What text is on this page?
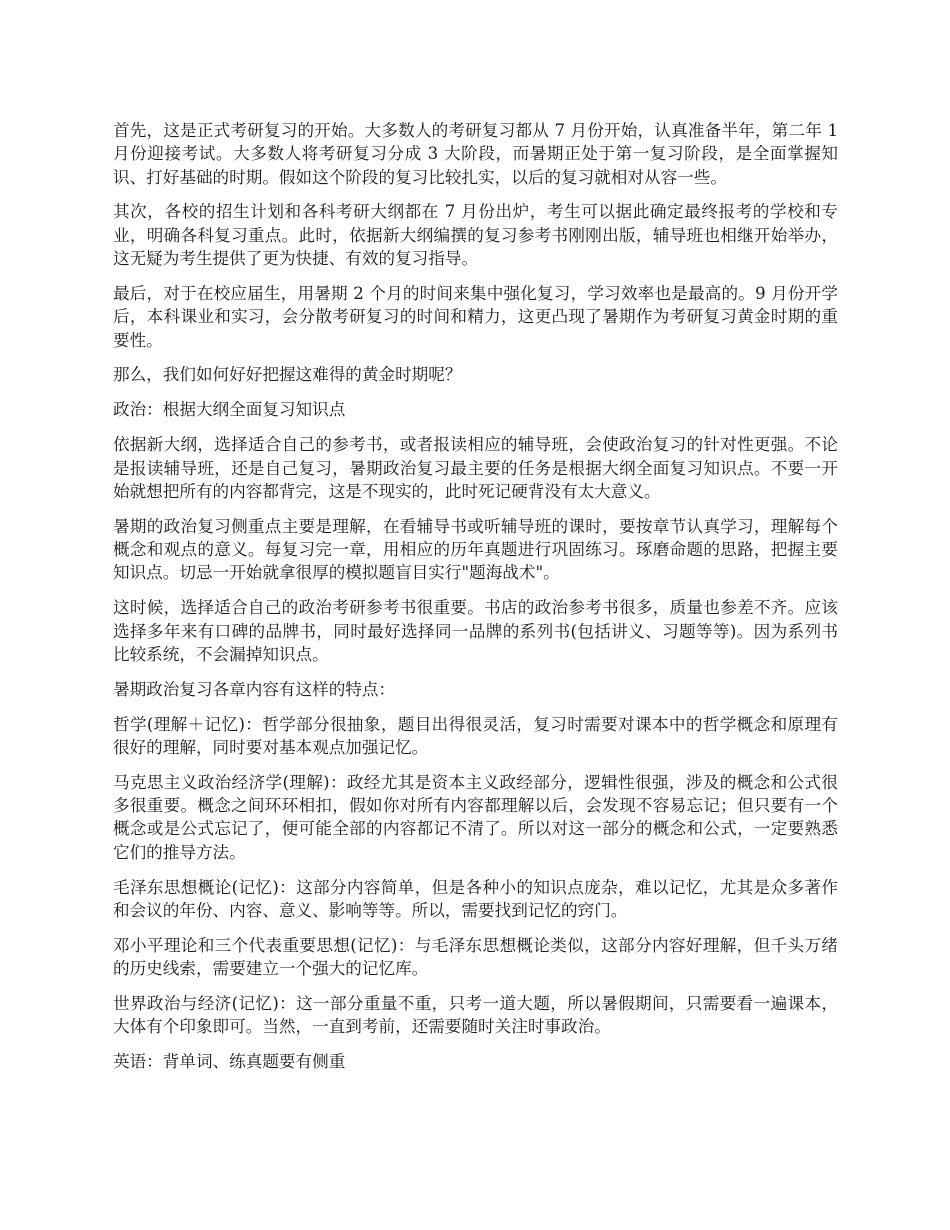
首先，这是正式考研复习的开始。大多数人的考研复习都从 7 月份开始，认真准备半年，第二年 1 月份迎接考试。大多数人将考研复习分成 3 大阶段，而暑期正处于第一复习阶段，是全面掌握知识、打好基础的时期。假如这个阶段的复习比较扎实，以后的复习就相对从容一些。

其次，各校的招生计划和各科考研大纲都在 7 月份出炉，考生可以据此确定最终报考的学校和专业，明确各科复习重点。此时，依据新大纲编撰的复习参考书刚刚出版，辅导班也相继开始举办，这无疑为考生提供了更为快捷、有效的复习指导。

最后，对于在校应届生，用暑期 2 个月的时间来集中强化复习，学习效率也是最高的。9 月份开学后，本科课业和实习，会分散考研复习的时间和精力，这更凸现了暑期作为考研复习黄金时期的重要性。

那么，我们如何好好把握这难得的黄金时期呢？

政治：根据大纲全面复习知识点

依据新大纲，选择适合自己的参考书，或者报读相应的辅导班，会使政治复习的针对性更强。不论是报读辅导班，还是自己复习，暑期政治复习最主要的任务是根据大纲全面复习知识点。不要一开始就想把所有的内容都背完，这是不现实的，此时死记硬背没有太大意义。

暑期的政治复习侧重点主要是理解，在看辅导书或听辅导班的课时，要按章节认真学习，理解每个概念和观点的意义。每复习完一章，用相应的历年真题进行巩固练习。琢磨命题的思路，把握主要知识点。切忌一开始就拿很厚的模拟题盲目实行"题海战术"。

这时候，选择适合自己的政治考研参考书很重要。书店的政治参考书很多，质量也参差不齐。应该选择多年来有口碑的品牌书，同时最好选择同一品牌的系列书(包括讲义、习题等等)。因为系列书比较系统，不会漏掉知识点。

暑期政治复习各章内容有这样的特点：

哲学(理解＋记忆)：哲学部分很抽象，题目出得很灵活，复习时需要对课本中的哲学概念和原理有很好的理解，同时要对基本观点加强记忆。

马克思主义政治经济学(理解)：政经尤其是资本主义政经部分，逻辑性很强，涉及的概念和公式很多很重要。概念之间环环相扣，假如你对所有内容都理解以后，会发现不容易忘记；但只要有一个概念或是公式忘记了，便可能全部的内容都记不清了。所以对这一部分的概念和公式，一定要熟悉它们的推导方法。

毛泽东思想概论(记忆)：这部分内容简单，但是各种小的知识点庞杂，难以记忆，尤其是众多著作和会议的年份、内容、意义、影响等等。所以，需要找到记忆的窍门。

邓小平理论和三个代表重要思想(记忆)：与毛泽东思想概论类似，这部分内容好理解，但千头万绪的历史线索，需要建立一个强大的记忆库。

世界政治与经济(记忆)：这一部分重量不重，只考一道大题，所以暑假期间，只需要看一遍课本，大体有个印象即可。当然，一直到考前，还需要随时关注时事政治。

英语：背单词、练真题要有侧重
